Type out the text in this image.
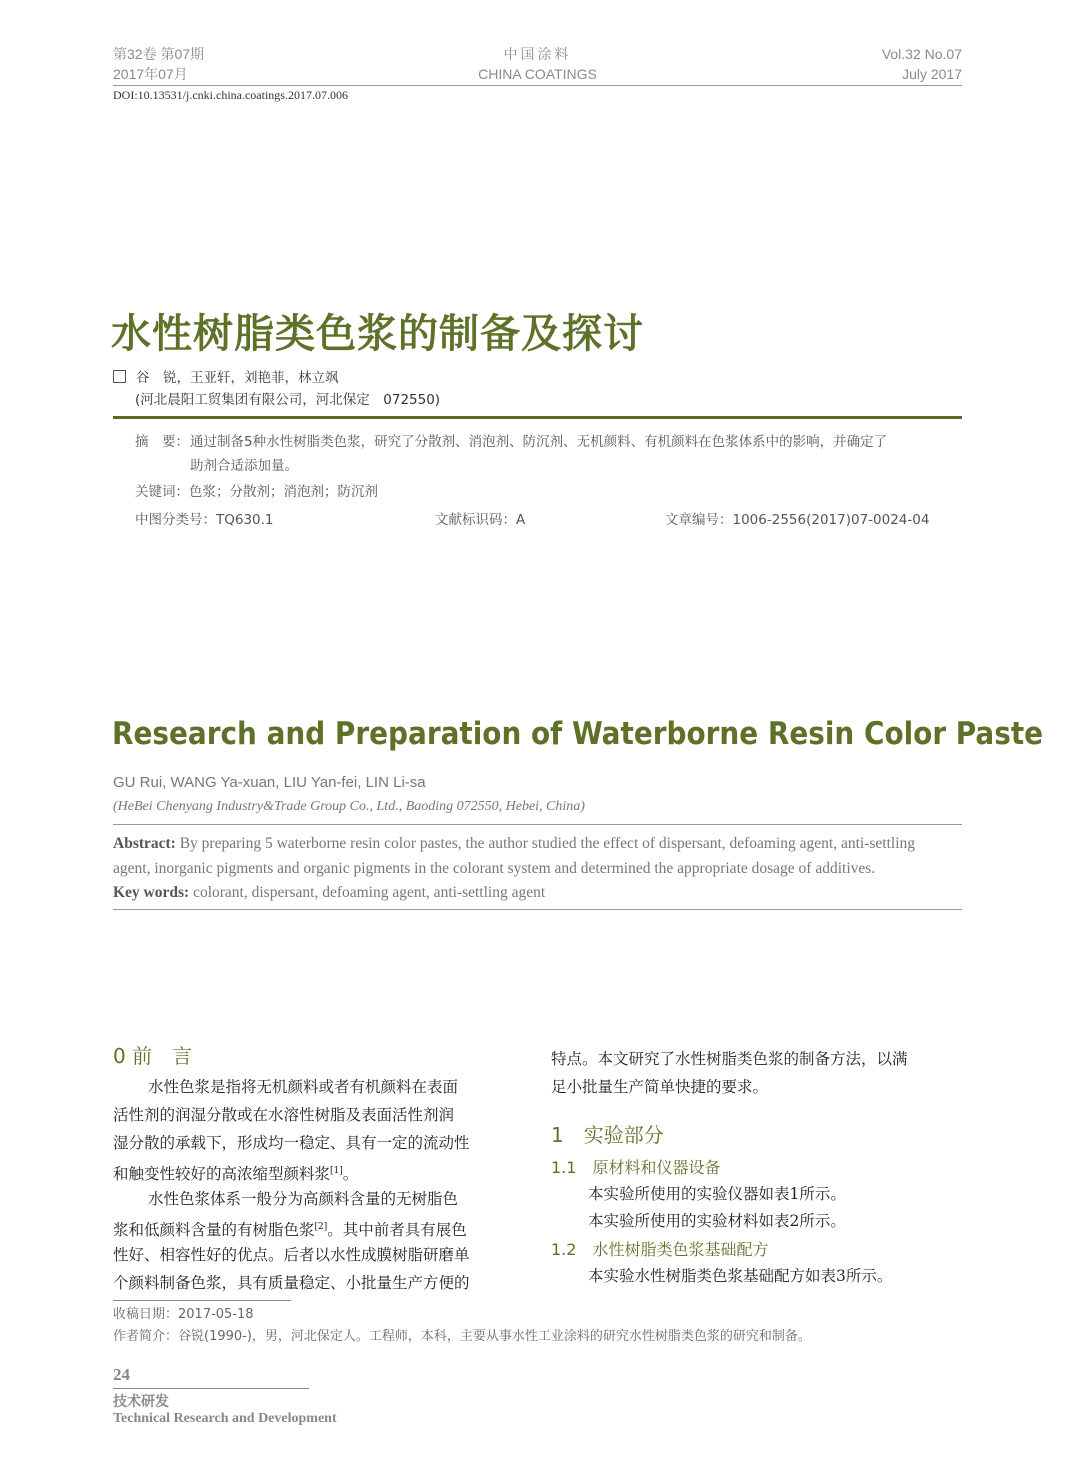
第32卷 第07期
2017年07月
中国涂料
CHINA COATINGS
Vol.32 No.07
July 2017
DOI:10.13531/j.cnki.china.coatings.2017.07.006
水性树脂类色浆的制备及探讨
谷　锐，王亚轩，刘艳菲，林立飒
(河北晨阳工贸集团有限公司，河北保定　072550)
摘　要： 通过制备5种水性树脂类色浆，研究了分散剂、消泡剂、防沉剂、无机颜料、有机颜料在色浆体系中的影响，并确定了
助剂合适添加量。
关键词：色浆；分散剂；消泡剂；防沉剂
中图分类号：TQ630.1	文献标识码：A	文章编号：1006-2556(2017)07-0024-04
Research and Preparation of Waterborne Resin Color Paste
GU Rui, WANG Ya-xuan, LIU Yan-fei, LIN Li-sa
(HeBei Chenyang Industry&Trade Group Co., Ltd., Baoding 072550, Hebei, China)
Abstract: By preparing 5 waterborne resin color pastes, the author studied the effect of dispersant, defoaming agent, anti-settling
agent, inorganic pigments and organic pigments in the colorant system and determined the appropriate dosage of additives.
Key words: colorant, dispersant, defoaming agent, anti-settling agent
0 前　言
水性色浆是指将无机颜料或者有机颜料在表面
活性剂的润湿分散或在水溶性树脂及表面活性剂润
湿分散的承载下，形成均一稳定、具有一定的流动性
和触变性较好的高浓缩型颜料浆[1]。
水性色浆体系一般分为高颜料含量的无树脂色
浆和低颜料含量的有树脂色浆[2]。其中前者具有展色
性好、相容性好的优点。后者以水性成膜树脂研磨单
个颜料制备色浆，具有质量稳定、小批量生产方便的
特点。本文研究了水性树脂类色浆的制备方法，以满
足小批量生产简单快捷的要求。
1　实验部分
1.1　原材料和仪器设备
本实验所使用的实验仪器如表1所示。
本实验所使用的实验材料如表2所示。
1.2　水性树脂类色浆基础配方
本实验水性树脂类色浆基础配方如表3所示。
收稿日期：2017-05-18
作者简介：谷锐(1990-)，男，河北保定人。工程师，本科，主要从事水性工业涂料的研究水性树脂类色浆的研究和制备。
24
技术研发
Technical Research and Development
